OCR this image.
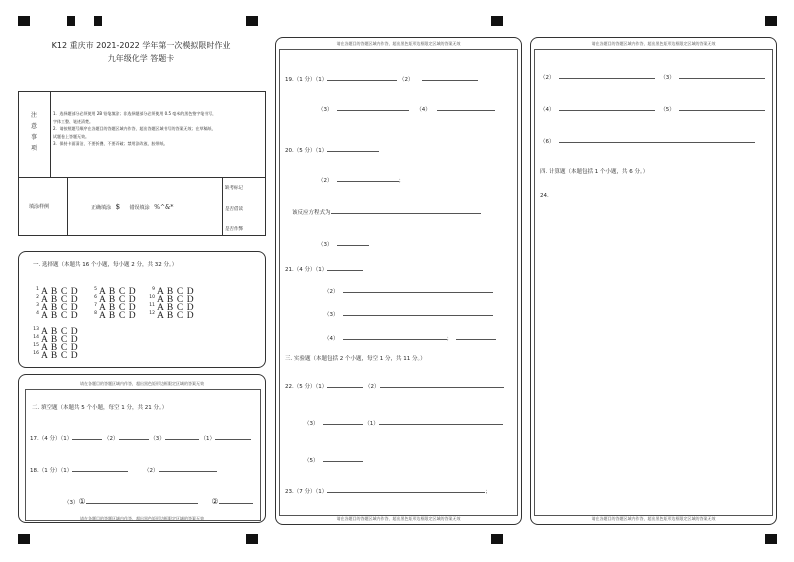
K12 重庆市 2021-2022 学年第一次模拟限时作业
九年级化学 答题卡
注 意 事 项
1．选择题部分必须使用 2B 铅笔填涂；非选择题部分必须使用 0.5 毫米的黑色签字笔书写，
字体工整、笔迹清楚。
2．请按照题号顺序在各题目的答题区域内作答，超出答题区域书写的答案无效；在草稿纸、
试题卷上答题无效。
3．保持卡面清洁，不要折叠、不要弄破；禁用涂改液、胶带纸。
填涂样例	正确填涂 $ 错误填涂 %^&*
缺考标记
是否借读
是否作弊
一. 选择题（本题共 16 个小题，每小题 2 分，共 32 分。）
1 A B C D
2 A B C D
3 A B C D
4 A B C D
5 A B C D
6 A B C D
7 A B C D
8 A B C D
9 A B C D
10 A B C D
11 A B C D
12 A B C D
13 A B C D
14 A B C D
15 A B C D
16 A B C D
请在各题目的答题区域内作答，超出黑色矩形边框限定区域的答案无效
二. 填空题（本题共 5 个小题，每空 1 分，共 21 分。）
17.（4 分）（1）	（2）	（3）	（1）
18.（1 分）（1）	（2）
（3）①	②
请在各题目的答题区域内作答，超出黑色矩形边框限定区域的答案无效
请在各题目的答题区域内作答，超出黑色矩形边框限定区域的答案无效
19.（1 分）（1）	（2）
（3）	（4）
20.（5 分）（1）
（2）	；
该反应方程式为
（3）
21.（4 分）（1）
（2）
（3）
（4）	；
三. 实验题（本题包括 2 个小题，每空 1 分，共 11 分。）
22.（5 分）（1）	（2）
（3）	（1）
（5）
23.（7 分）（1）	；
请在各题目的答题区域内作答，超出黑色矩形边框限定区域的答案无效
请在各题目的答题区域内作答，超出黑色矩形边框限定区域的答案无效
（2）	（3）
（4）	（5）
（6）
四. 计算题（本题包括 1 个小题，共 6 分。）
24.
请在各题目的答题区域内作答，超出黑色矩形边框限定区域的答案无效
